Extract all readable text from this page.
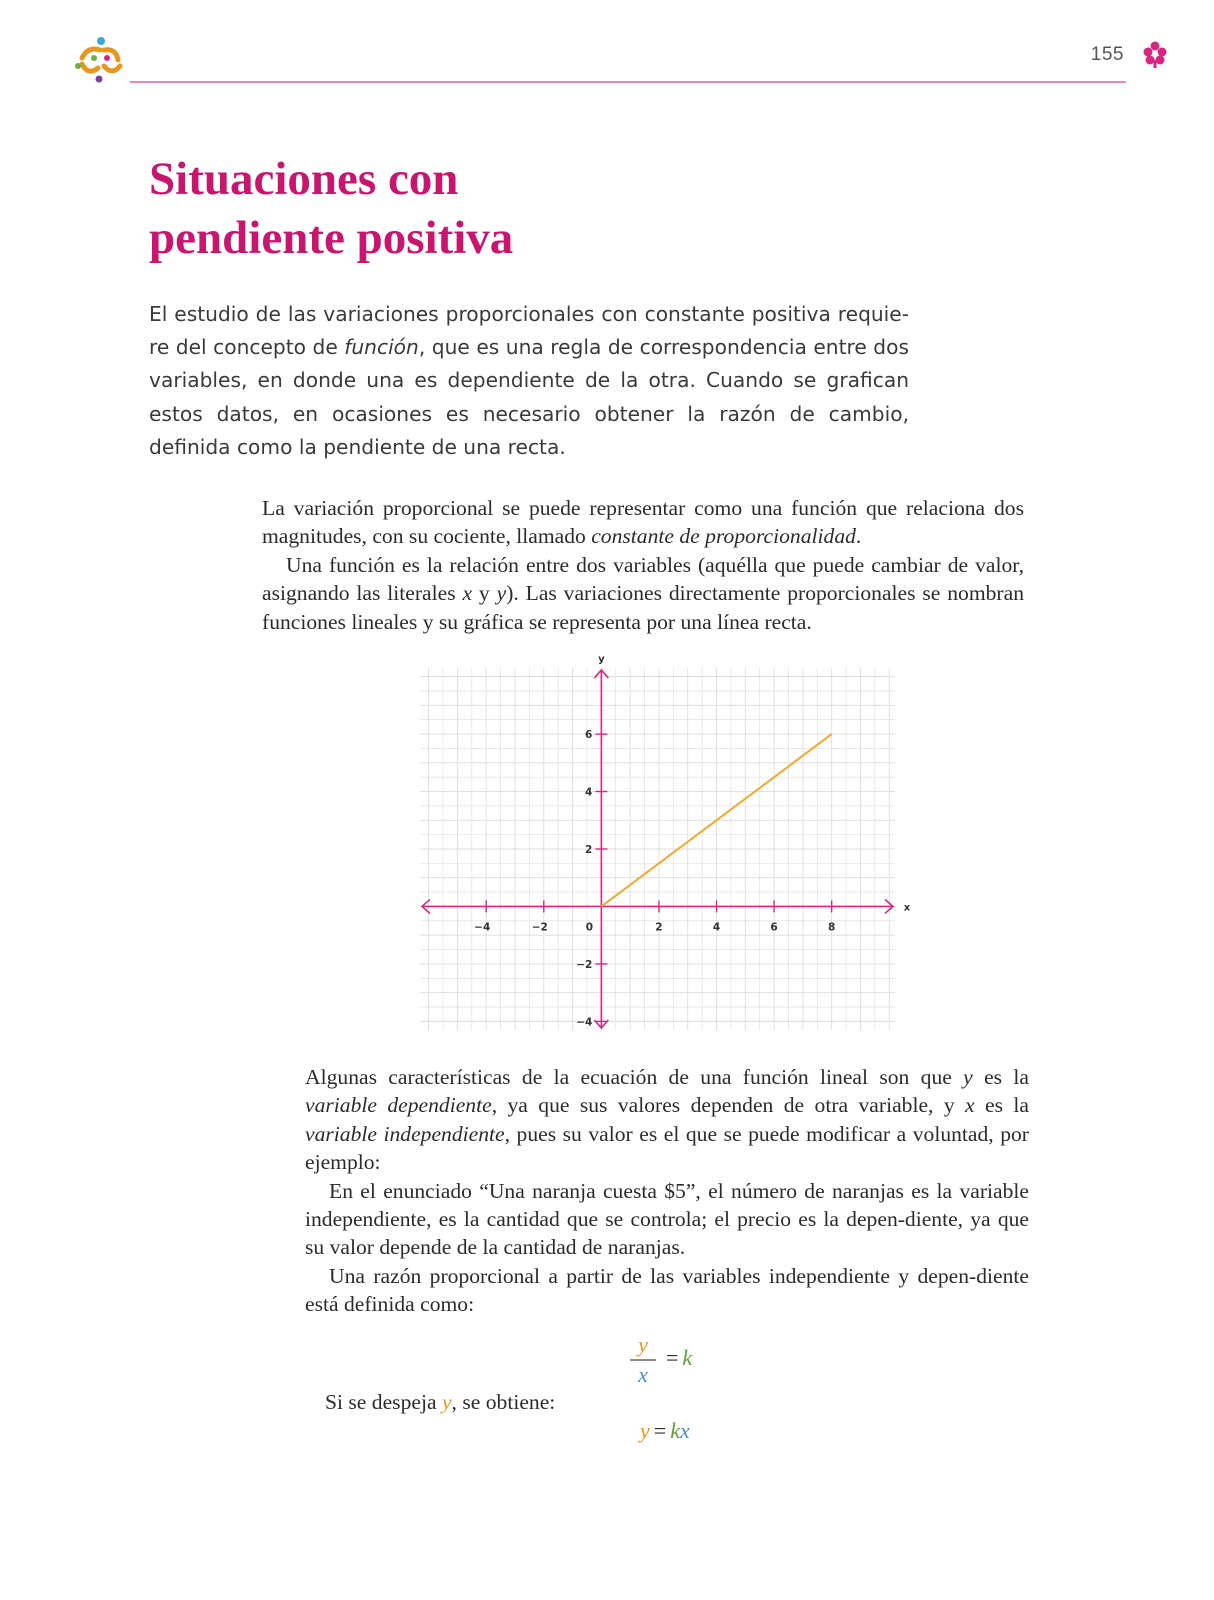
155
Situaciones con
pendiente positiva

El estudio de las variaciones proporcionales con constante positiva requie-re del concepto de función, que es una regla de correspondencia entre dos variables, en donde una es dependiente de la otra. Cuando se grafican estos datos, en ocasiones es necesario obtener la razón de cambio, definida como la pendiente de una recta.

La variación proporcional se puede representar como una función que relaciona dos magnitudes, con su cociente, llamado constante de proporcionalidad.

Una función es la relación entre dos variables (aquélla que puede cambiar de valor, asignando las literales x y y). Las variaciones directamente proporcionales se nombran funciones lineales y su gráfica se representa por una línea recta.

−4	−2	2	4	6	8
−4
−2
2
4
6
0
x
y

Algunas características de la ecuación de una función lineal son que y es la variable dependiente, ya que sus valores dependen de otra variable, y x es la variable independiente, pues su valor es el que se puede modificar a voluntad, por ejemplo:

En el enunciado “Una naranja cuesta $5”, el número de naranjas es la variable independiente, es la cantidad que se controla; el precio es la depen-diente, ya que su valor depende de la cantidad de naranjas.

Una razón proporcional a partir de las variables independiente y depen-diente está definida como:

y
x
= k
Si se despeja y, se obtiene:
y = kx
